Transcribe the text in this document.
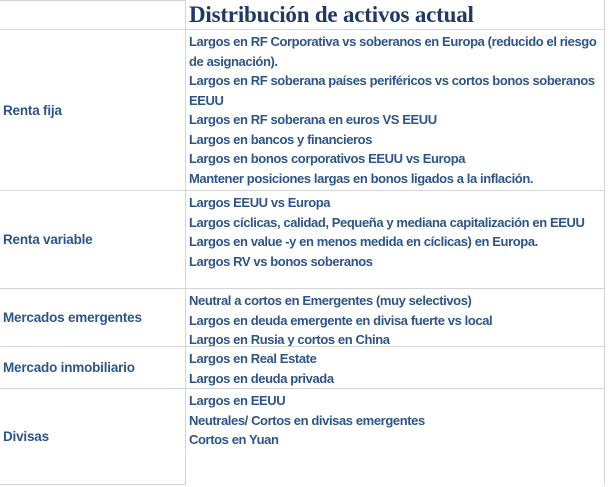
Distribución de activos actual
Renta fija
Largos en RF Corporativa vs soberanos en Europa (reducido el riesgo de asignación).
Largos en RF soberana países periféricos vs cortos bonos soberanos EEUU
Largos en RF soberana en euros VS EEUU
Largos en bancos y financieros
Largos en bonos corporativos EEUU vs Europa
Mantener posiciones largas en bonos ligados a la inflación.
Renta variable
Largos EEUU vs Europa
Largos cíclicas, calidad, Pequeña y mediana capitalización en EEUU
Largos en value -y en menos medida en cíclicas) en Europa.
Largos RV vs bonos soberanos
Mercados emergentes
Neutral a cortos en Emergentes (muy selectivos)
Largos en deuda emergente en divisa fuerte vs local
Largos en Rusia y cortos en China
Mercado inmobiliario
Largos en Real Estate
Largos en deuda privada
Divisas
Largos en EEUU
Neutrales/ Cortos en divisas emergentes
Cortos en Yuan
